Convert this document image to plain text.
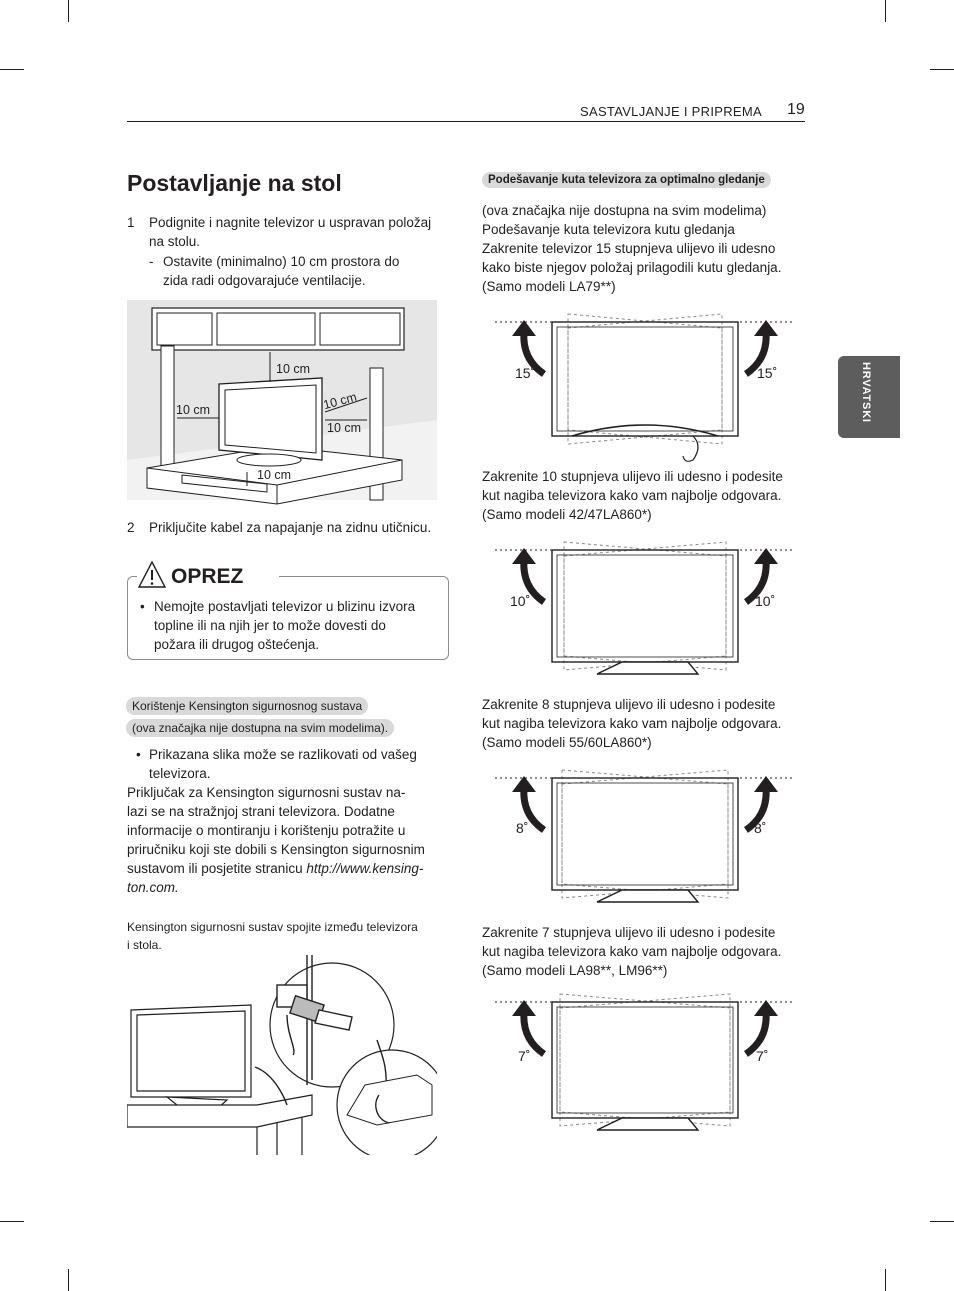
SASTAVLJANJE I PRIPREMA 19
HRVATSKI
Postavljanje na stol
1 Podignite i nagnite televizor u uspravan položaj
na stolu.
- Ostavite (minimalno) 10 cm prostora do
zida radi odgovarajuće ventilacije.
10 cm
10 cm	10 cm
10 cm
10 cm
2 Priključite kabel za napajanje na zidnu utičnicu.
OPREZ
• Nemojte postavljati televizor u blizinu izvora
topline ili na njih jer to može dovesti do
požara ili drugog oštećenja.
Korištenje Kensington sigurnosnog sustava
(ova značajka nije dostupna na svim modelima).
• Prikazana slika može se razlikovati od vašeg
televizora.
Priključak za Kensington sigurnosni sustav na-
lazi se na stražnjoj strani televizora. Dodatne
informacije o montiranju i korištenju potražite u
priručniku koji ste dobili s Kensington sigurnosnim
sustavom ili posjetite stranicu http://www.kensing-
ton.com.
Kensington sigurnosni sustav spojite između televizora
i stola.
Podešavanje kuta televizora za optimalno gledanje
(ova značajka nije dostupna na svim modelima)
Podešavanje kuta televizora kutu gledanja
Zakrenite televizor 15 stupnjeva ulijevo ili udesno
kako biste njegov položaj prilagodili kutu gledanja.
(Samo modeli LA79**)
15˚	15˚
Zakrenite 10 stupnjeva ulijevo ili udesno i podesite
kut nagiba televizora kako vam najbolje odgovara.
(Samo modeli 42/47LA860*)
10˚	10˚
Zakrenite 8 stupnjeva ulijevo ili udesno i podesite
kut nagiba televizora kako vam najbolje odgovara.
(Samo modeli 55/60LA860*)
8˚	8˚
Zakrenite 7 stupnjeva ulijevo ili udesno i podesite
kut nagiba televizora kako vam najbolje odgovara.
(Samo modeli LA98**, LM96**)
7˚	7˚
